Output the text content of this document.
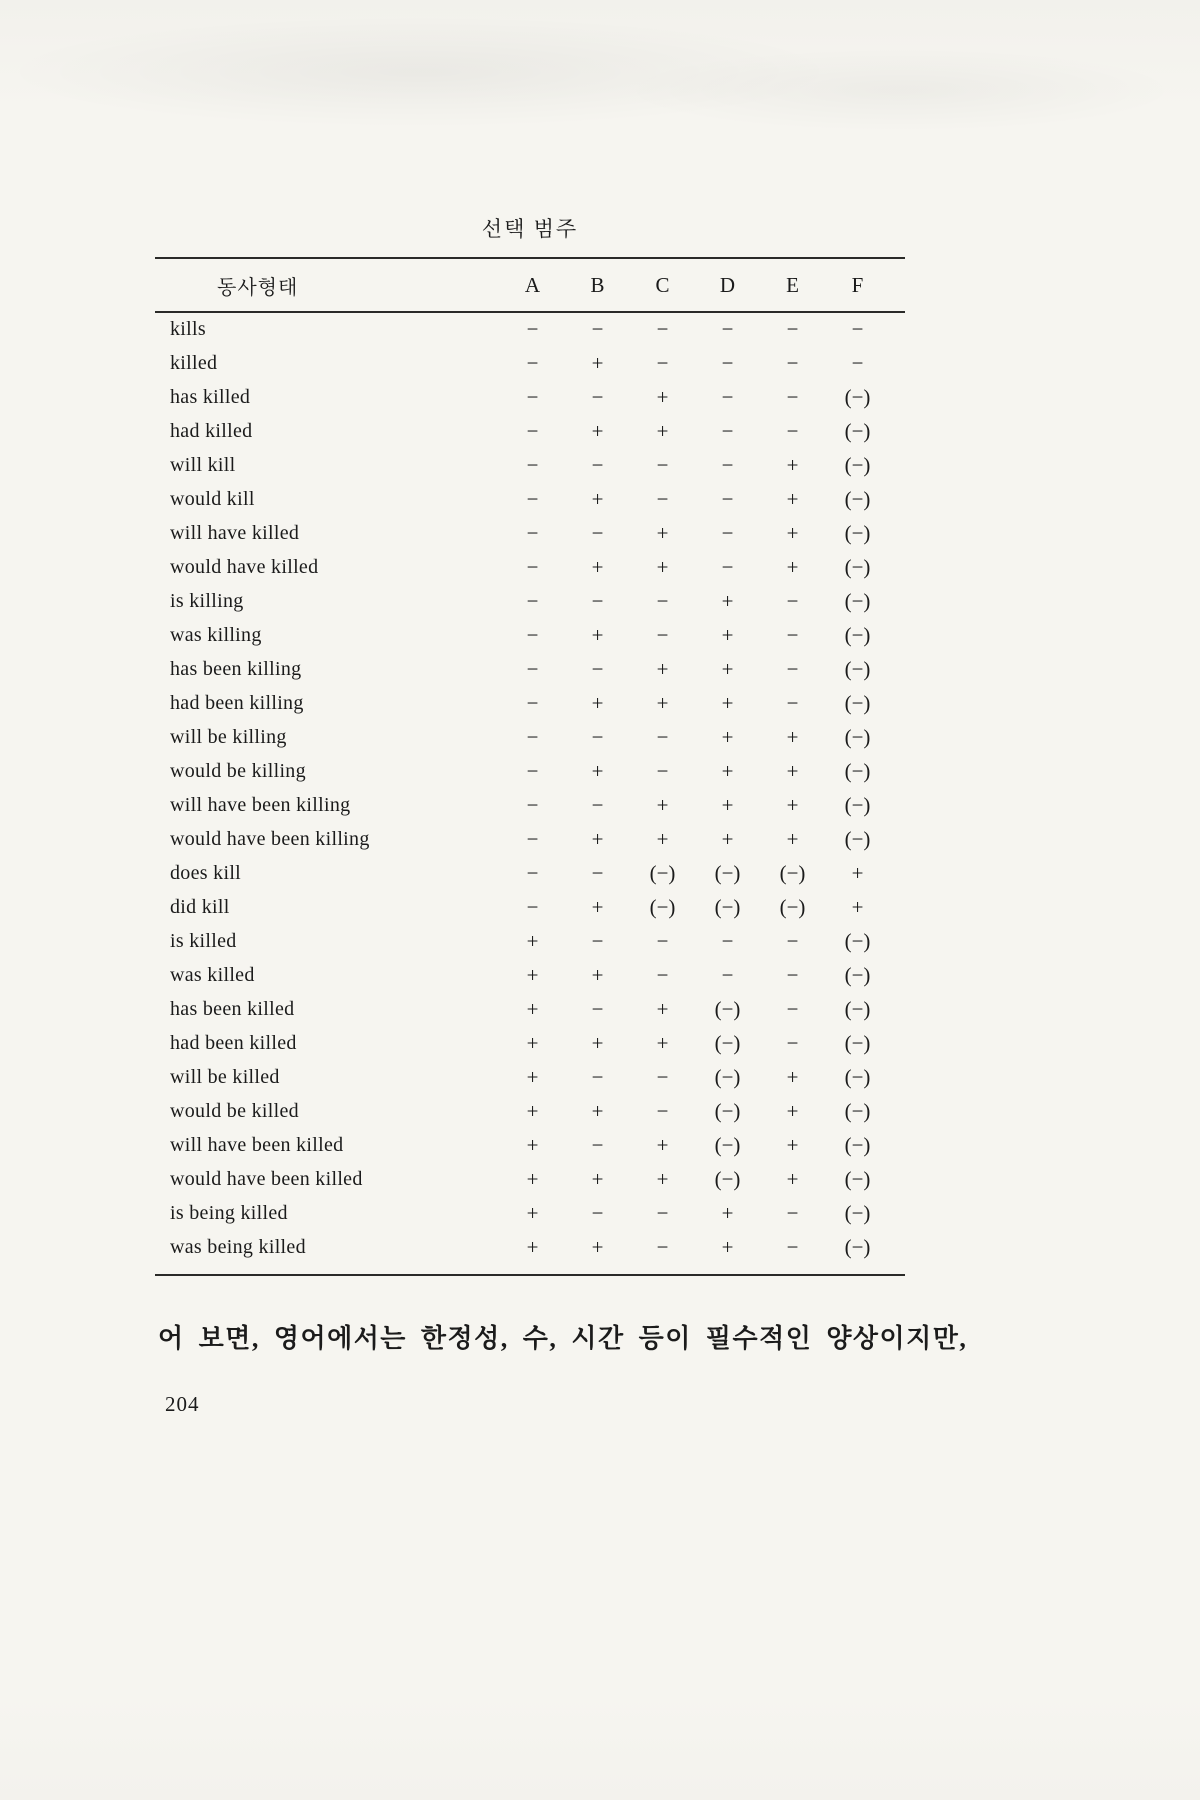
선택 범주
동사형태	A	B	C	D	E	F
kills	−	−	−	−	−	−
killed	−	+	−	−	−	−
has killed	−	−	+	−	−	(−)
had killed	−	+	+	−	−	(−)
will kill	−	−	−	−	+	(−)
would kill	−	+	−	−	+	(−)
will have killed	−	−	+	−	+	(−)
would have killed	−	+	+	−	+	(−)
is killing	−	−	−	+	−	(−)
was killing	−	+	−	+	−	(−)
has been killing	−	−	+	+	−	(−)
had been killing	−	+	+	+	−	(−)
will be killing	−	−	−	+	+	(−)
would be killing	−	+	−	+	+	(−)
will have been killing	−	−	+	+	+	(−)
would have been killing	−	+	+	+	+	(−)
does kill	−	−	(−)	(−)	(−)	+
did kill	−	+	(−)	(−)	(−)	+
is killed	+	−	−	−	−	(−)
was killed	+	+	−	−	−	(−)
has been killed	+	−	+	(−)	−	(−)
had been killed	+	+	+	(−)	−	(−)
will be killed	+	−	−	(−)	+	(−)
would be killed	+	+	−	(−)	+	(−)
will have been killed	+	−	+	(−)	+	(−)
would have been killed	+	+	+	(−)	+	(−)
is being killed	+	−	−	+	−	(−)
was being killed	+	+	−	+	−	(−)
어 보면, 영어에서는 한정성, 수, 시간 등이 필수적인 양상이지만,
204
